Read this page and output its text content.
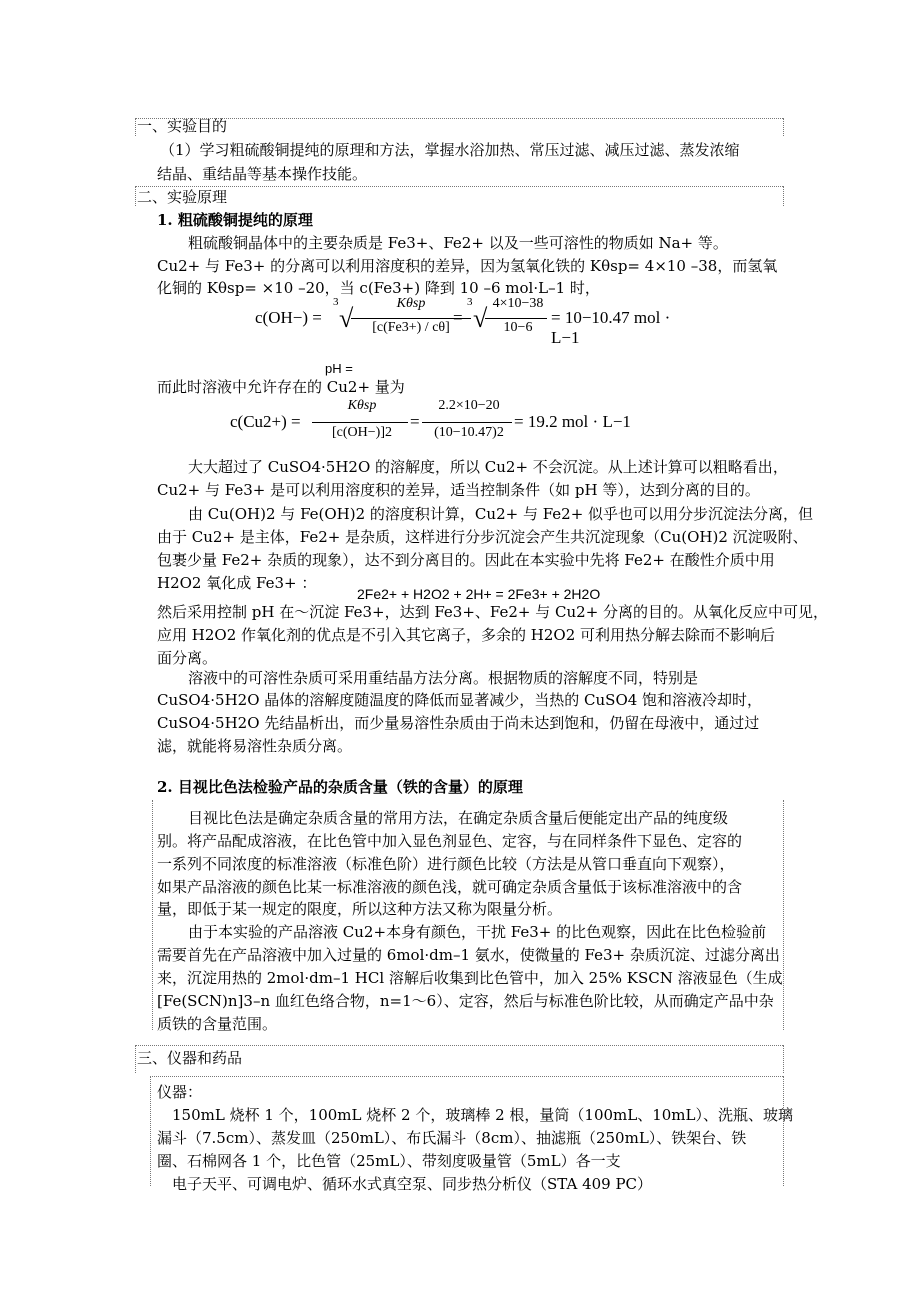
一、实验目的
（1）学习粗硫酸铜提纯的原理和方法，掌握水浴加热、常压过滤、减压过滤、蒸发浓缩
结晶、重结晶等基本操作技能。
二、实验原理
1. 粗硫酸铜提纯的原理
粗硫酸铜晶体中的主要杂质是 Fe3+、Fe2+ 以及一些可溶性的物质如 Na+ 等。
Cu2+ 与 Fe3+ 的分离可以利用溶度积的差异，因为氢氧化铁的 Kθsp= 4×10 –38，而氢氧
化铜的 Kθsp= ×10 –20，当 c(Fe3+) 降到 10 –6 mol·L–1 时，
c(OH−) =
3
√
Kθsp
[c(Fe3+) / cθ]
=
3
√
4×10−38
10−6
= 10−10.47 mol · L−1
pH =
而此时溶液中允许存在的 Cu2+ 量为
c(Cu2+) =
Kθsp
[c(OH−)]2
=
2.2×10−20
(10−10.47)2
= 19.2 mol · L−1
大大超过了 CuSO4·5H2O 的溶解度，所以 Cu2+ 不会沉淀。从上述计算可以粗略看出，
Cu2+ 与 Fe3+ 是可以利用溶度积的差异，适当控制条件（如 pH 等），达到分离的目的。
由 Cu(OH)2 与 Fe(OH)2 的溶度积计算，Cu2+ 与 Fe2+ 似乎也可以用分步沉淀法分离，但
由于 Cu2+ 是主体，Fe2+ 是杂质，这样进行分步沉淀会产生共沉淀现象（Cu(OH)2 沉淀吸附、
包裹少量 Fe2+ 杂质的现象），达不到分离目的。因此在本实验中先将 Fe2+ 在酸性介质中用
H2O2 氧化成 Fe3+ ：
2Fe2+ + H2O2 + 2H+ = 2Fe3+ + 2H2O
然后采用控制 pH 在～沉淀 Fe3+，达到 Fe3+、Fe2+ 与 Cu2+ 分离的目的。从氧化反应中可见，
应用 H2O2 作氧化剂的优点是不引入其它离子，多余的 H2O2 可利用热分解去除而不影响后
面分离。
溶液中的可溶性杂质可采用重结晶方法分离。根据物质的溶解度不同，特别是
CuSO4·5H2O 晶体的溶解度随温度的降低而显著减少，当热的 CuSO4 饱和溶液冷却时，
CuSO4·5H2O 先结晶析出，而少量易溶性杂质由于尚未达到饱和，仍留在母液中，通过过
滤，就能将易溶性杂质分离。
2. 目视比色法检验产品的杂质含量（铁的含量）的原理
目视比色法是确定杂质含量的常用方法，在确定杂质含量后便能定出产品的纯度级
别。将产品配成溶液，在比色管中加入显色剂显色、定容，与在同样条件下显色、定容的
一系列不同浓度的标准溶液（标准色阶）进行颜色比较（方法是从管口垂直向下观察），
如果产品溶液的颜色比某一标准溶液的颜色浅，就可确定杂质含量低于该标准溶液中的含
量，即低于某一规定的限度，所以这种方法又称为限量分析。
由于本实验的产品溶液 Cu2+本身有颜色，干扰 Fe3+ 的比色观察，因此在比色检验前
需要首先在产品溶液中加入过量的 6mol·dm–1 氨水，使微量的 Fe3+ 杂质沉淀、过滤分离出
来，沉淀用热的 2mol·dm–1 HCl 溶解后收集到比色管中，加入 25% KSCN 溶液显色（生成
[Fe(SCN)n]3–n 血红色络合物，n=1～6）、定容，然后与标准色阶比较，从而确定产品中杂
质铁的含量范围。
三、仪器和药品
仪器：
150mL 烧杯 1 个，100mL 烧杯 2 个，玻璃棒 2 根，量筒（100mL、10mL）、洗瓶、玻璃
漏斗（7.5cm）、蒸发皿（250mL）、布氏漏斗（8cm）、抽滤瓶（250mL）、铁架台、铁
圈、石棉网各 1 个，比色管（25mL）、带刻度吸量管（5mL）各一支
电子天平、可调电炉、循环水式真空泵、同步热分析仪（STA 409 PC）
